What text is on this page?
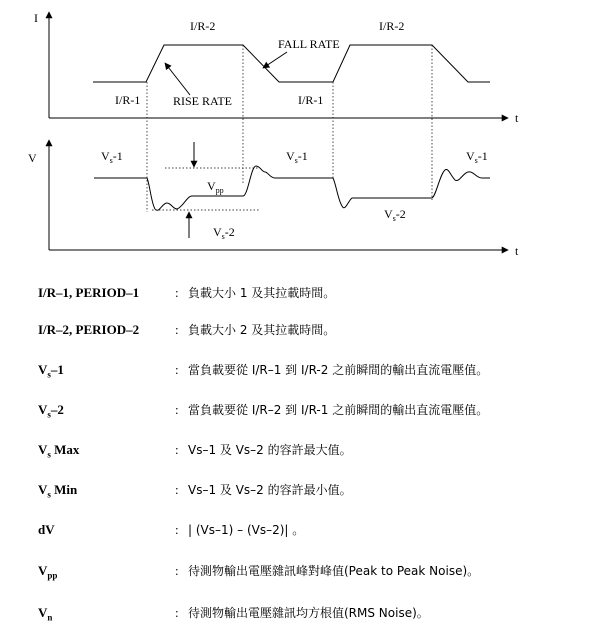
I
t
V
t
I/R-2	I/R-2
I/R-1	I/R-1
FALL RATE
RISE RATE
$V_s-1$	$V_s-1$	$V_s-1$
$V_{pp}$
$V_s-2$
$V_s-2$
I/R–1, PERIOD–1	: 負載大小 1 及其拉載時間。
I/R–2, PERIOD–2	: 負載大小 2 及其拉載時間。
$V_s-1$	: 當負載要從 I/R–1 到 I/R-2 之前瞬間的輸出直流電壓值。
$V_s-2$	: 當負載要從 I/R–2 到 I/R-1 之前瞬間的輸出直流電壓值。
$V_s$ Max	: Vs–1 及 Vs–2 的容許最大值。
$V_s$ Min	: Vs–1 及 Vs–2 的容許最小值。
dV	: | (Vs–1) – (Vs–2)| 。
$V_{pp}$	: 待測物輸出電壓雜訊峰對峰值(Peak to Peak Noise)。
$V_n$	: 待測物輸出電壓雜訊均方根值(RMS Noise)。
